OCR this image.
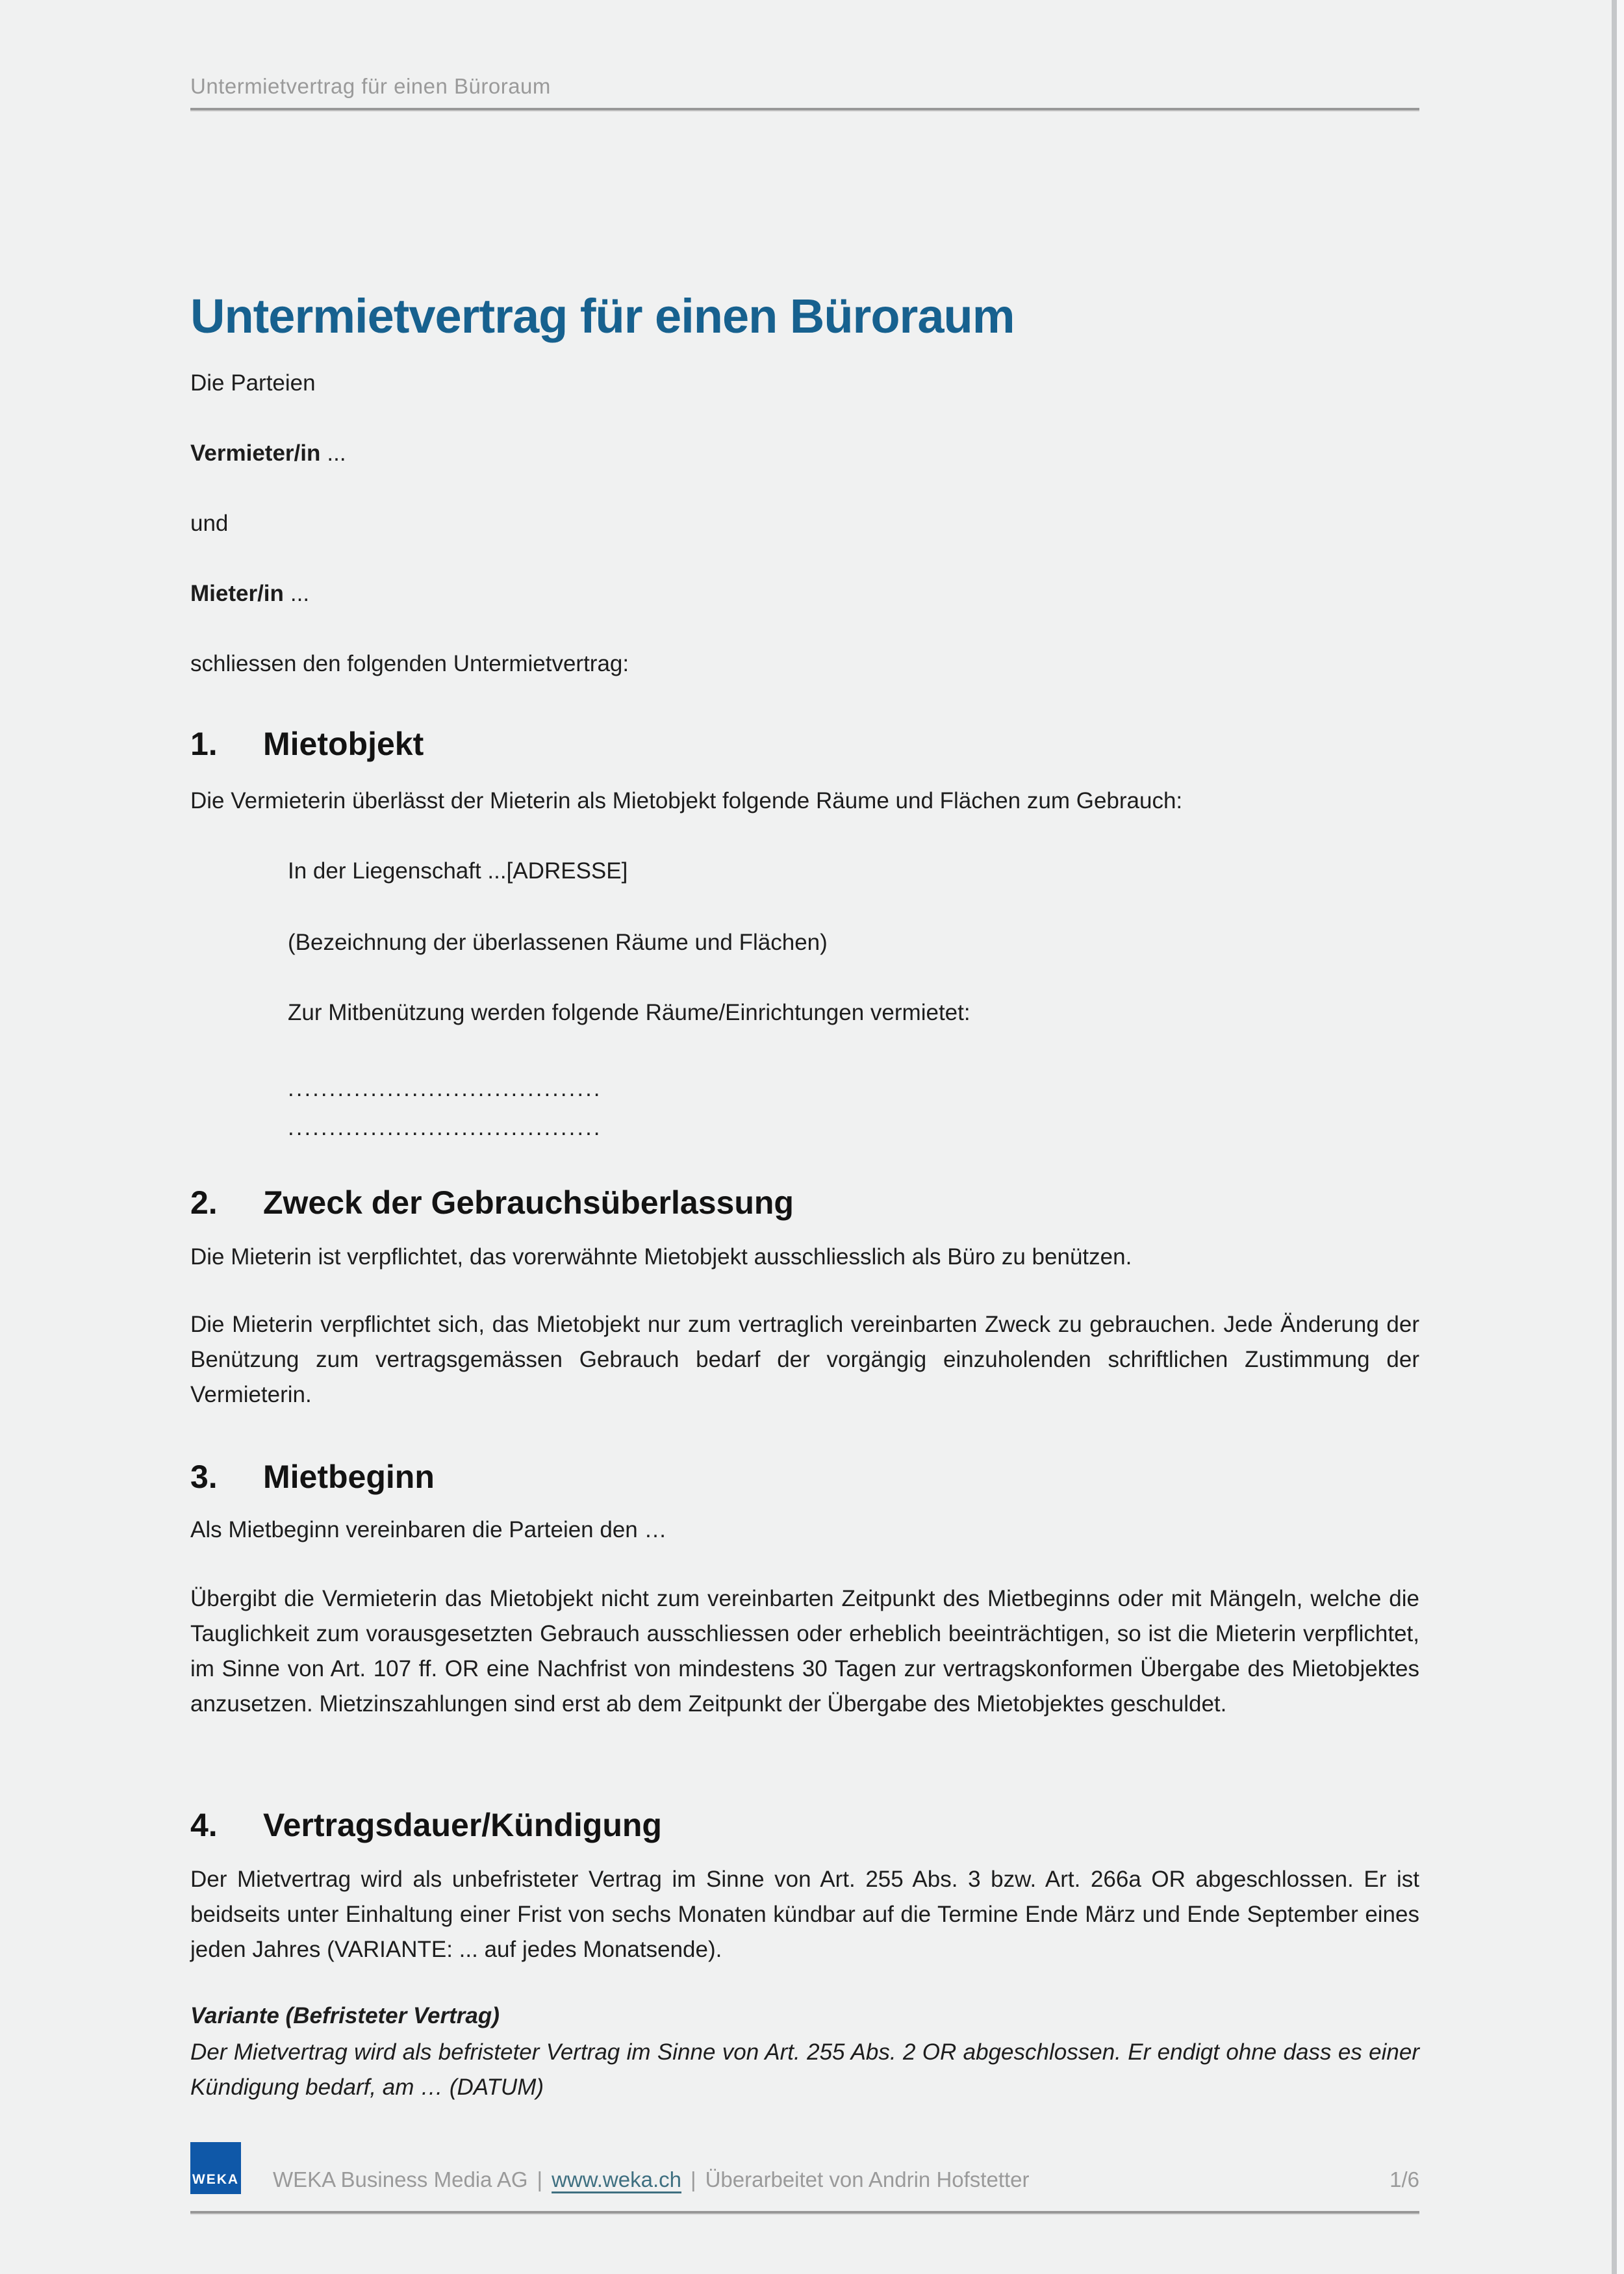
Untermietvertrag für einen Büroraum
Untermietvertrag für einen Büroraum
Die Parteien
Vermieter/in ...
und
Mieter/in ...
schliessen den folgenden Untermietvertrag:
1. Mietobjekt
Die Vermieterin überlässt der Mieterin als Mietobjekt folgende Räume und Flächen zum Gebrauch:
In der Liegenschaft ...[ADRESSE]
(Bezeichnung der überlassenen Räume und Flächen)
Zur Mitbenützung werden folgende Räume/Einrichtungen vermietet:
......................................
......................................
2. Zweck der Gebrauchsüberlassung
Die Mieterin ist verpflichtet, das vorerwähnte Mietobjekt ausschliesslich als Büro zu benützen.
Die Mieterin verpflichtet sich, das Mietobjekt nur zum vertraglich vereinbarten Zweck zu gebrauchen. Jede Änderung der Benützung zum vertragsgemässen Gebrauch bedarf der vorgängig einzuholenden schriftlichen Zustimmung der Vermieterin.
3. Mietbeginn
Als Mietbeginn vereinbaren die Parteien den …
Übergibt die Vermieterin das Mietobjekt nicht zum vereinbarten Zeitpunkt des Mietbeginns oder mit Mängeln, welche die Tauglichkeit zum vorausgesetzten Gebrauch ausschliessen oder erheblich beeinträchtigen, so ist die Mieterin verpflichtet, im Sinne von Art. 107 ff. OR eine Nachfrist von mindestens 30 Tagen zur vertragskonformen Übergabe des Mietobjektes anzusetzen. Mietzinszahlungen sind erst ab dem Zeitpunkt der Übergabe des Mietobjektes geschuldet.
4. Vertragsdauer/Kündigung
Der Mietvertrag wird als unbefristeter Vertrag im Sinne von Art. 255 Abs. 3 bzw. Art. 266a OR abgeschlossen. Er ist beidseits unter Einhaltung einer Frist von sechs Monaten kündbar auf die Termine Ende März und Ende September eines jeden Jahres (VARIANTE: ... auf jedes Monatsende).
Variante (Befristeter Vertrag)
Der Mietvertrag wird als befristeter Vertrag im Sinne von Art. 255 Abs. 2 OR abgeschlossen. Er endigt ohne dass es einer Kündigung bedarf, am … (DATUM)
WEKA WEKA Business Media AG | www.weka.ch | Überarbeitet von Andrin Hofstetter	1/6
